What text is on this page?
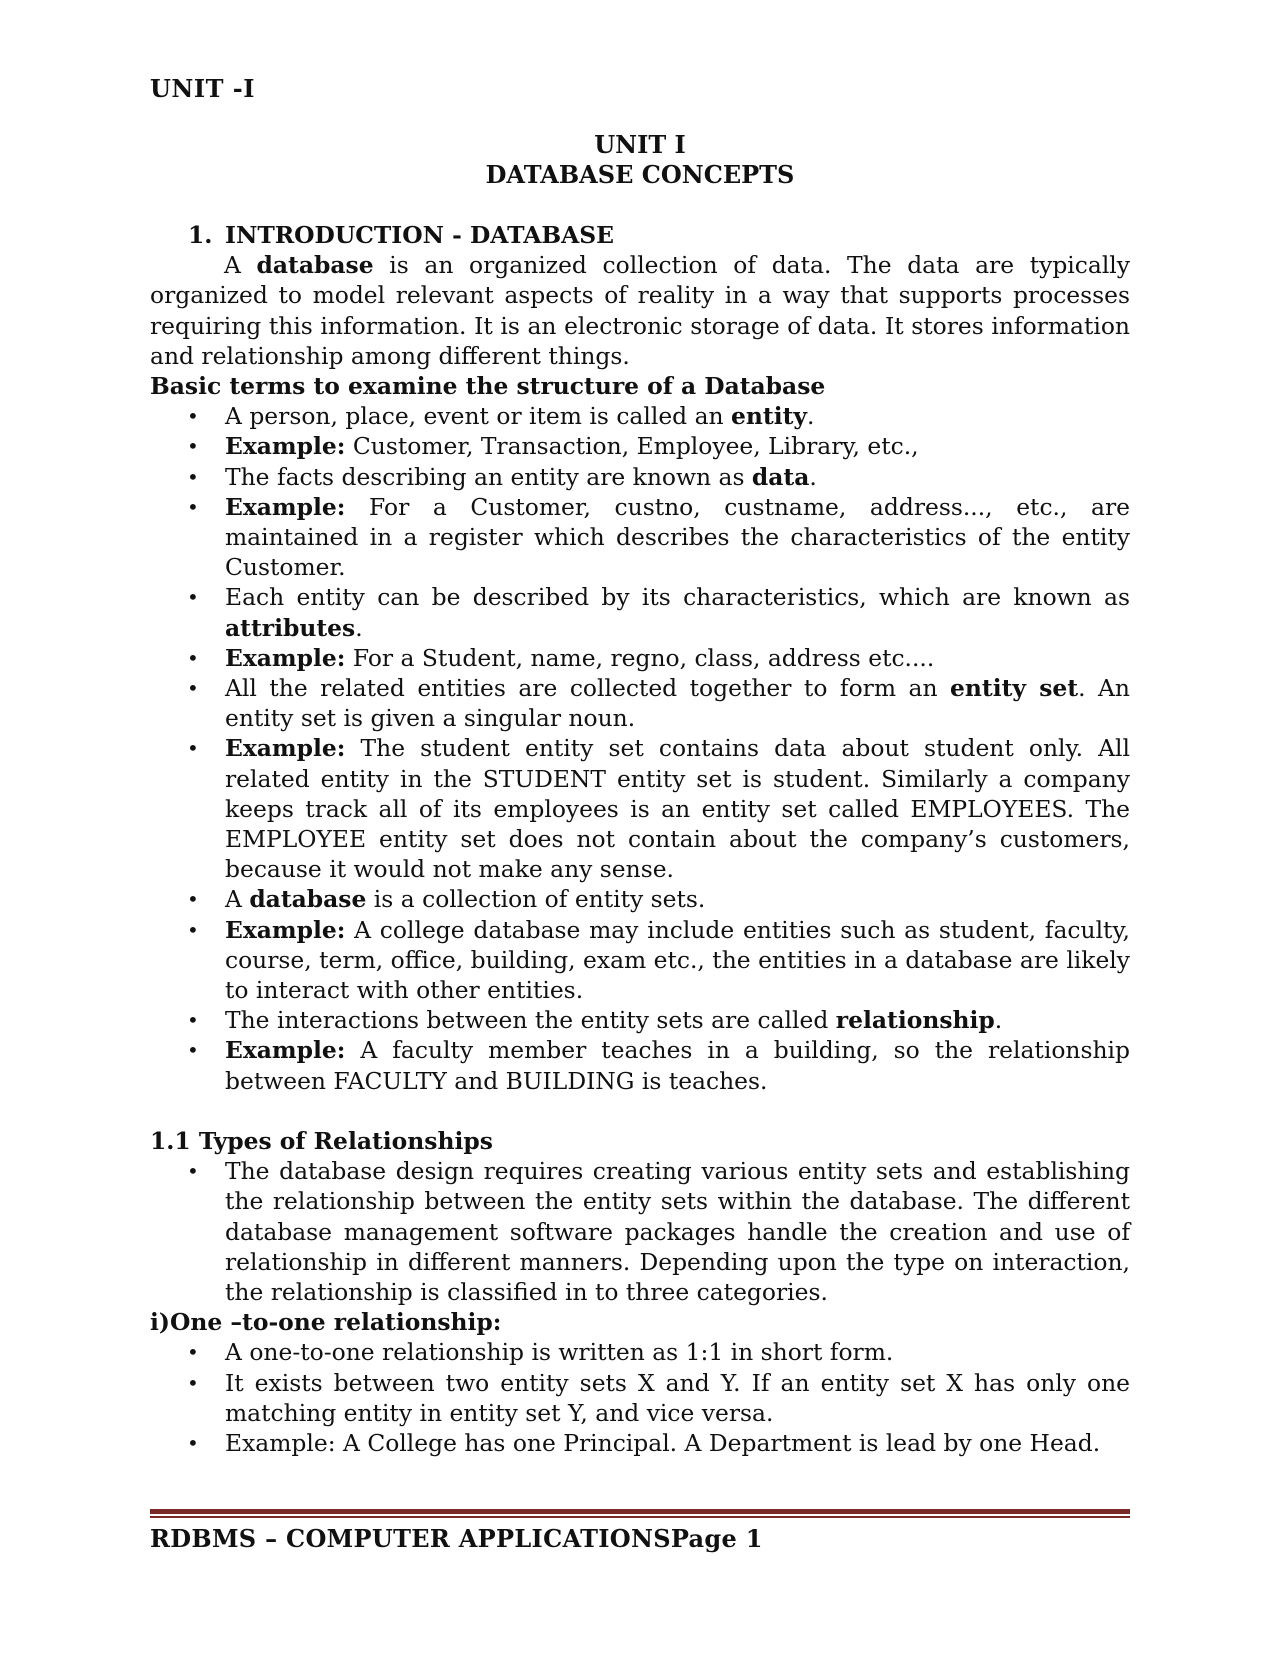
UNIT -I
UNIT I
DATABASE CONCEPTS
1. INTRODUCTION - DATABASE

A database is an organized collection of data. The data are typically organized to model relevant aspects of reality in a way that supports processes requiring this information. It is an electronic storage of data. It stores information and relationship among different things.

Basic terms to examine the structure of a Database

• A person, place, event or item is called an entity.
• Example: Customer, Transaction, Employee, Library, etc.,
• The facts describing an entity are known as data.
• Example: For a Customer, custno, custname, address..., etc., are maintained in a register which describes the characteristics of the entity Customer.
• Each entity can be described by its characteristics, which are known as attributes.
• Example: For a Student, name, regno, class, address etc....
• All the related entities are collected together to form an entity set. An entity set is given a singular noun.
• Example: The student entity set contains data about student only. All related entity in the STUDENT entity set is student. Similarly a company keeps track all of its employees is an entity set called EMPLOYEES. The EMPLOYEE entity set does not contain about the company’s customers, because it would not make any sense.
• A database is a collection of entity sets.
• Example: A college database may include entities such as student, faculty, course, term, office, building, exam etc., the entities in a database are likely to interact with other entities.
• The interactions between the entity sets are called relationship.
• Example: A faculty member teaches in a building, so the relationship between FACULTY and BUILDING is teaches.

1.1 Types of Relationships

• The database design requires creating various entity sets and establishing the relationship between the entity sets within the database. The different database management software packages handle the creation and use of relationship in different manners. Depending upon the type on interaction, the relationship is classified in to three categories.

i)One –to-one relationship:

• A one-to-one relationship is written as 1:1 in short form.
• It exists between two entity sets X and Y. If an entity set X has only one matching entity in entity set Y, and vice versa.
• Example: A College has one Principal. A Department is lead by one Head.
RDBMS – COMPUTER APPLICATIONSPage 1
